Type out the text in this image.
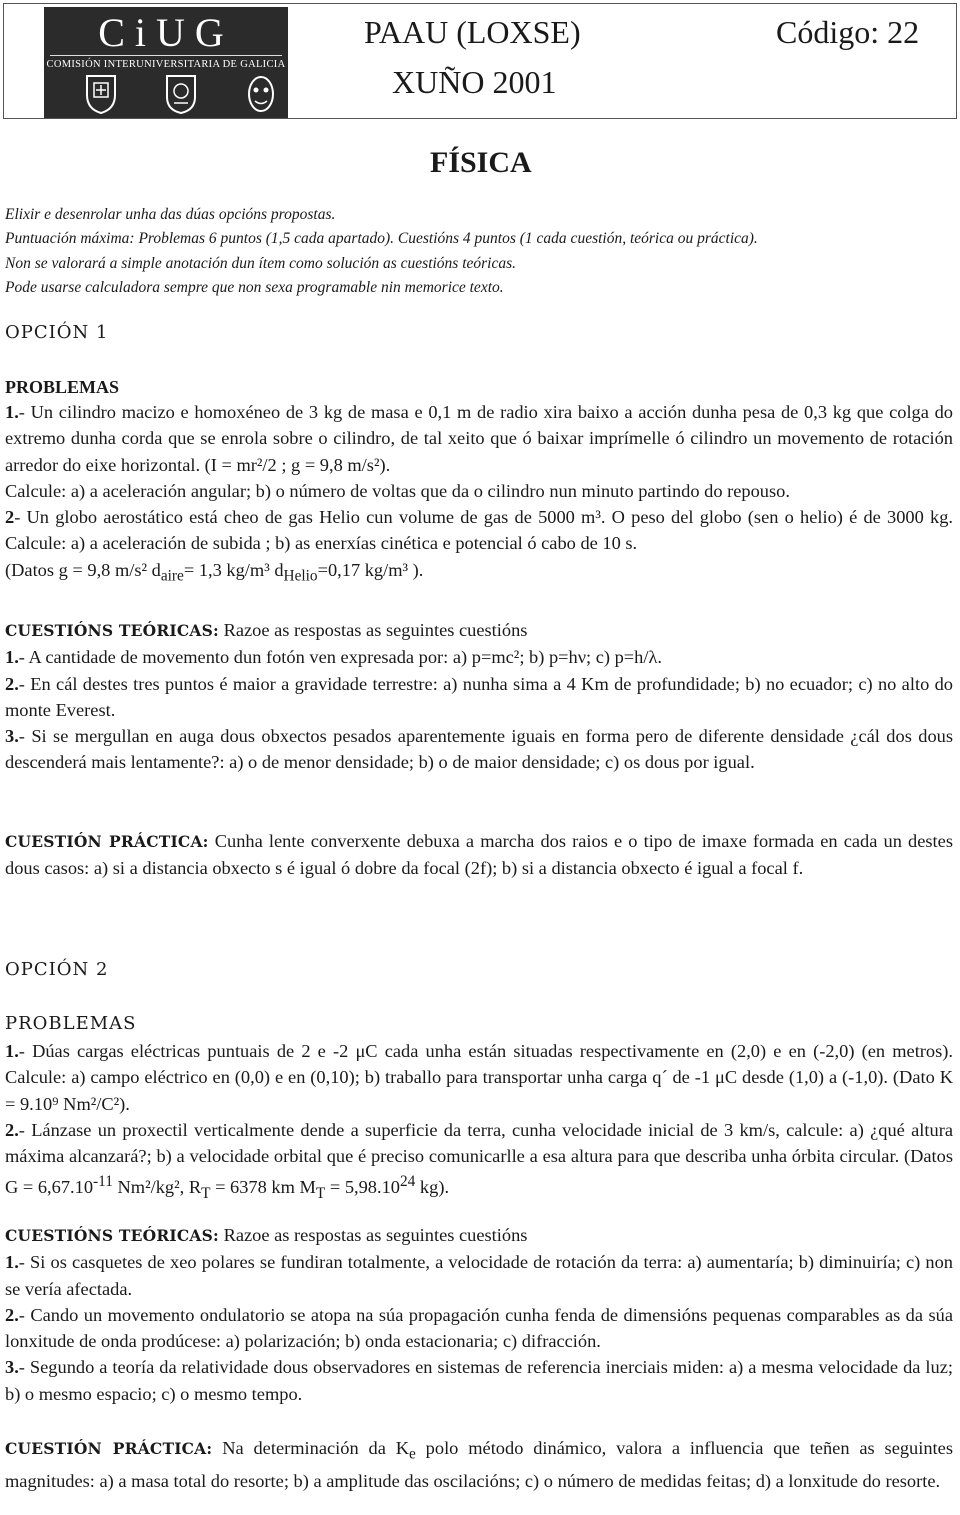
CiUG
COMISIÓN INTERUNIVERSITARIA DE GALICIA
PAAU (LOXSE)	Código: 22
XUÑO 2001
FÍSICA
Elixir e desenrolar unha das dúas opcións propostas.
Puntuación máxima: Problemas 6 puntos (1,5 cada apartado). Cuestións 4 puntos (1 cada cuestión, teórica ou práctica).
Non se valorará a simple anotación dun ítem como solución as cuestións teóricas.
Pode usarse calculadora sempre que non sexa programable nin memorice texto.
OPCIÓN 1
PROBLEMAS

1.- Un cilindro macizo e homoxéneo de 3 kg de masa e 0,1 m de radio xira baixo a acción dunha pesa de 0,3 kg que colga do extremo dunha corda que se enrola sobre o cilindro, de tal xeito que ó baixar imprímelle ó cilindro un movemento de rotación arredor do eixe horizontal. (I = mr²/2 ; g = 9,8 m/s²).

Calcule: a) a aceleración angular; b) o número de voltas que da o cilindro nun minuto partindo do repouso.

2- Un globo aerostático está cheo de gas Helio cun volume de gas de 5000 m³. O peso del globo (sen o helio) é de 3000 kg. Calcule: a) a aceleración de subida ; b) as enerxías cinética e potencial ó cabo de 10 s.

(Datos g = 9,8 m/s² $d_{aire}= 1,3$ kg/m³ $d_{Helio}=0,17$ kg/m³ ).

CUESTIÓNS TEÓRICAS: Razoe as respostas as seguintes cuestións

1.- A cantidade de movemento dun fotón ven expresada por: a) p=mc²; b) p=hν; c) p=h/λ.

2.- En cál destes tres puntos é maior a gravidade terrestre: a) nunha sima a 4 Km de profundidade; b) no ecuador; c) no alto do monte Everest.

3.- Si se mergullan en auga dous obxectos pesados aparentemente iguais en forma pero de diferente densidade ¿cál dos dous descenderá mais lentamente?: a) o de menor densidade; b) o de maior densidade; c) os dous por igual.

CUESTIÓN PRÁCTICA: Cunha lente converxente debuxa a marcha dos raios e o tipo de imaxe formada en cada un destes dous casos: a) si a distancia obxecto s é igual ó dobre da focal (2f); b) si a distancia obxecto é igual a focal f.

OPCIÓN 2
PROBLEMAS

1.- Dúas cargas eléctricas puntuais de 2 e -2 μC cada unha están situadas respectivamente en (2,0) e en (-2,0) (en metros). Calcule: a) campo eléctrico en (0,0) e en (0,10); b) traballo para transportar unha carga q´ de -1 μC desde (1,0) a (-1,0). (Dato K = 9.10⁹ Nm²/C²).

2.- Lánzase un proxectil verticalmente dende a superficie da terra, cunha velocidade inicial de 3 km/s, calcule: a) ¿qué altura máxima alcanzará?; b) a velocidade orbital que é preciso comunicarlle a esa altura para que describa unha órbita circular. (Datos $G = 6,67.10^{-11}$ Nm²/kg², $R_T = 6378$ km $M_T = 5,98.10^{24}$ kg).

CUESTIÓNS TEÓRICAS: Razoe as respostas as seguintes cuestións

1.- Si os casquetes de xeo polares se fundiran totalmente, a velocidade de rotación da terra: a) aumentaría; b) diminuiría; c) non se vería afectada.

2.- Cando un movemento ondulatorio se atopa na súa propagación cunha fenda de dimensións pequenas comparables as da súa lonxitude de onda prodúcese: a) polarización; b) onda estacionaria; c) difracción.

3.- Segundo a teoría da relatividade dous observadores en sistemas de referencia inerciais miden: a) a mesma velocidade da luz; b) o mesmo espacio; c) o mesmo tempo.

CUESTIÓN PRÁCTICA: Na determinación da $K_e$ polo método dinámico, valora a influencia que teñen as seguintes magnitudes: a) a masa total do resorte; b) a amplitude das oscilacións; c) o número de medidas feitas; d) a lonxitude do resorte.
